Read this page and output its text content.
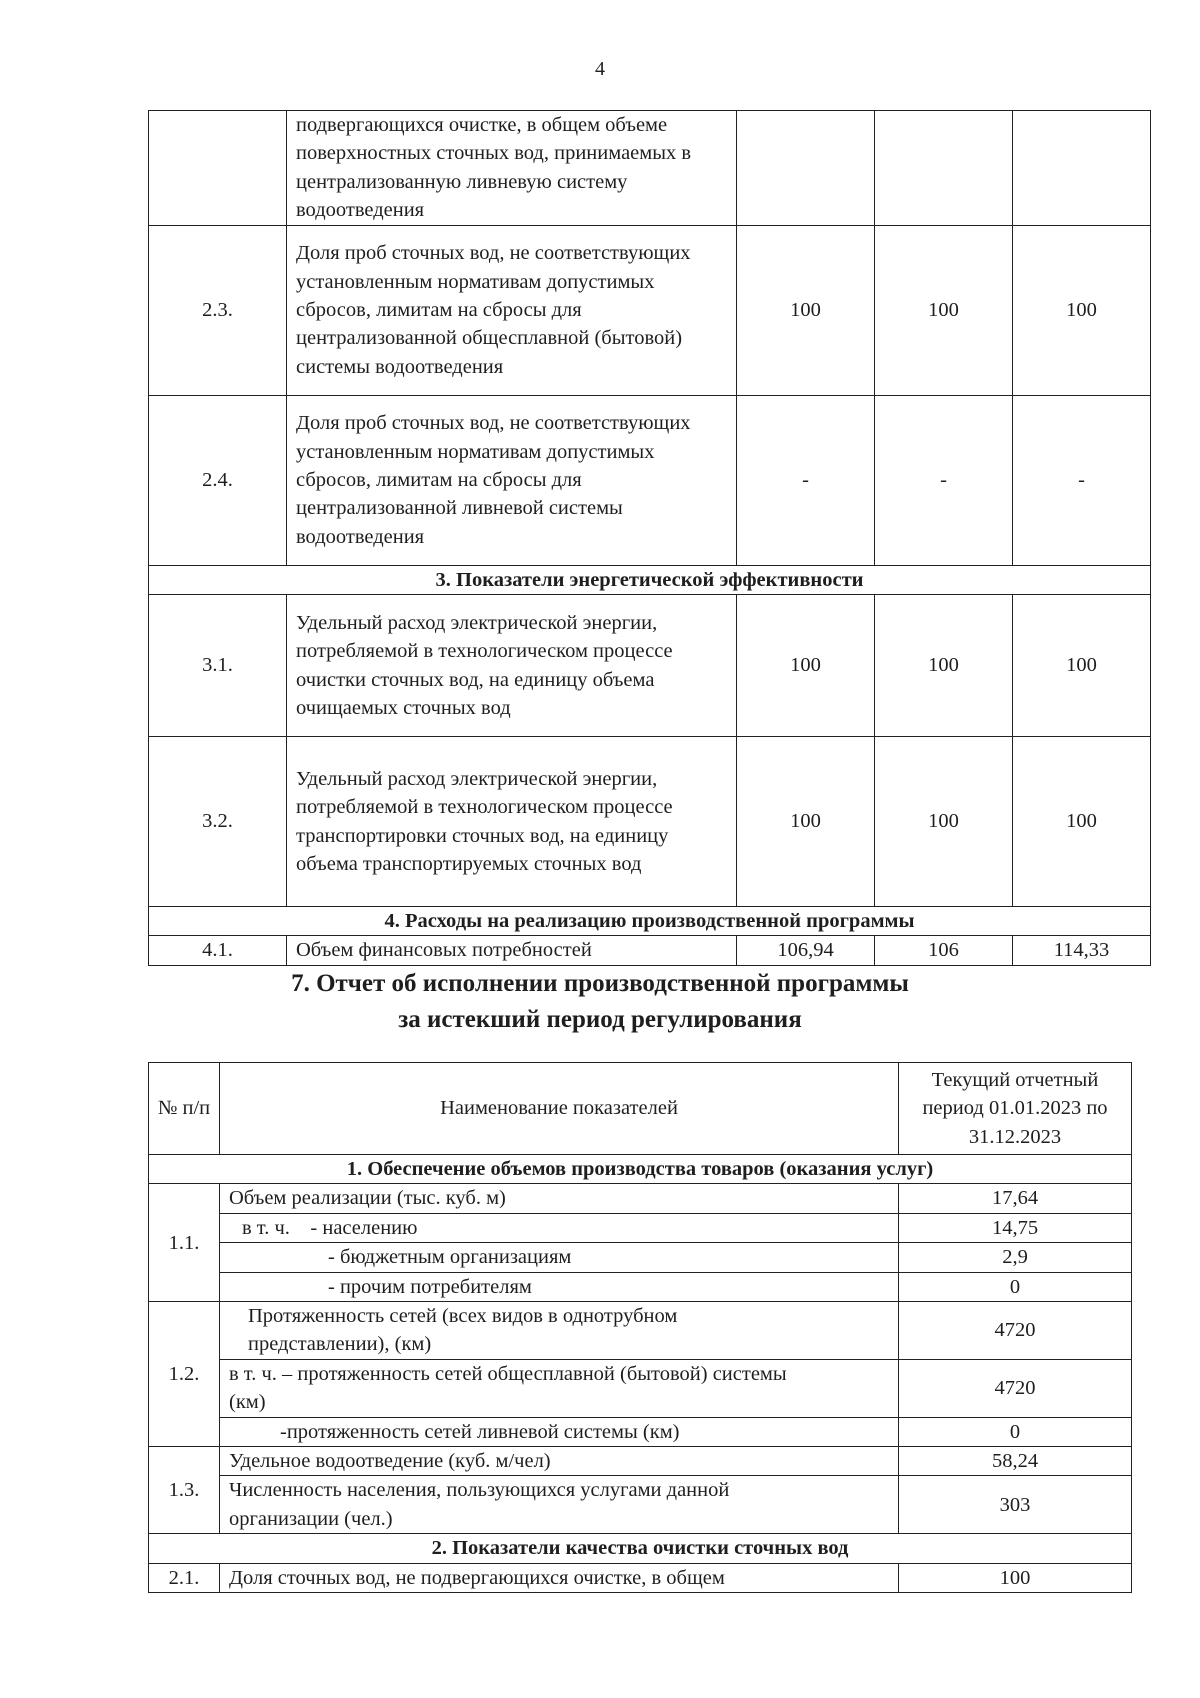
4
	подвергающихся очистке, в общем объеме поверхностных сточных вод, принимаемых в централизованную ливневую систему водоотведения			
2.3.	Доля проб сточных вод, не соответствующих установленным нормативам допустимых сбросов, лимитам на сбросы для централизованной общесплавной (бытовой) системы водоотведения	100	100	100
2.4.	Доля проб сточных вод, не соответствующих установленным нормативам допустимых сбросов, лимитам на сбросы для централизованной ливневой системы водоотведения	-	-	-
3. Показатели энергетической эффективности				
3.1.	Удельный расход электрической энергии, потребляемой в технологическом процессе очистки сточных вод, на единицу объема очищаемых сточных вод	100	100	100
3.2.	Удельный расход электрической энергии, потребляемой в технологическом процессе транспортировки сточных вод, на единицу объема транспортируемых сточных вод	100	100	100
4. Расходы на реализацию производственной программы				
4.1.	Объем финансовых потребностей	106,94	106	114,33
7. Отчет об исполнении производственной программы
за истекший период регулирования
№ п/п	Наименование показателей	Текущий отчетный период 01.01.2023 по 31.12.2023
1. Обеспечение объемов производства товаров (оказания услуг)		
1.1.	Объем реализации (тыс. куб. м)	17,64
	в т. ч.    - населению	14,75
	- бюджетным организациям	2,9
	- прочим потребителям	0
1.2.	Протяженность сетей (всех видов в однотрубном представлении), (км)	4720
	в т. ч. – протяженность сетей общесплавной (бытовой) системы (км)	4720
	-протяженность сетей ливневой системы (км)	0
1.3.	Удельное водоотведение (куб. м/чел)	58,24
	Численность населения, пользующихся услугами данной организации (чел.)	303
2. Показатели качества очистки сточных вод		
2.1.	Доля сточных вод, не подвергающихся очистке, в общем	100
